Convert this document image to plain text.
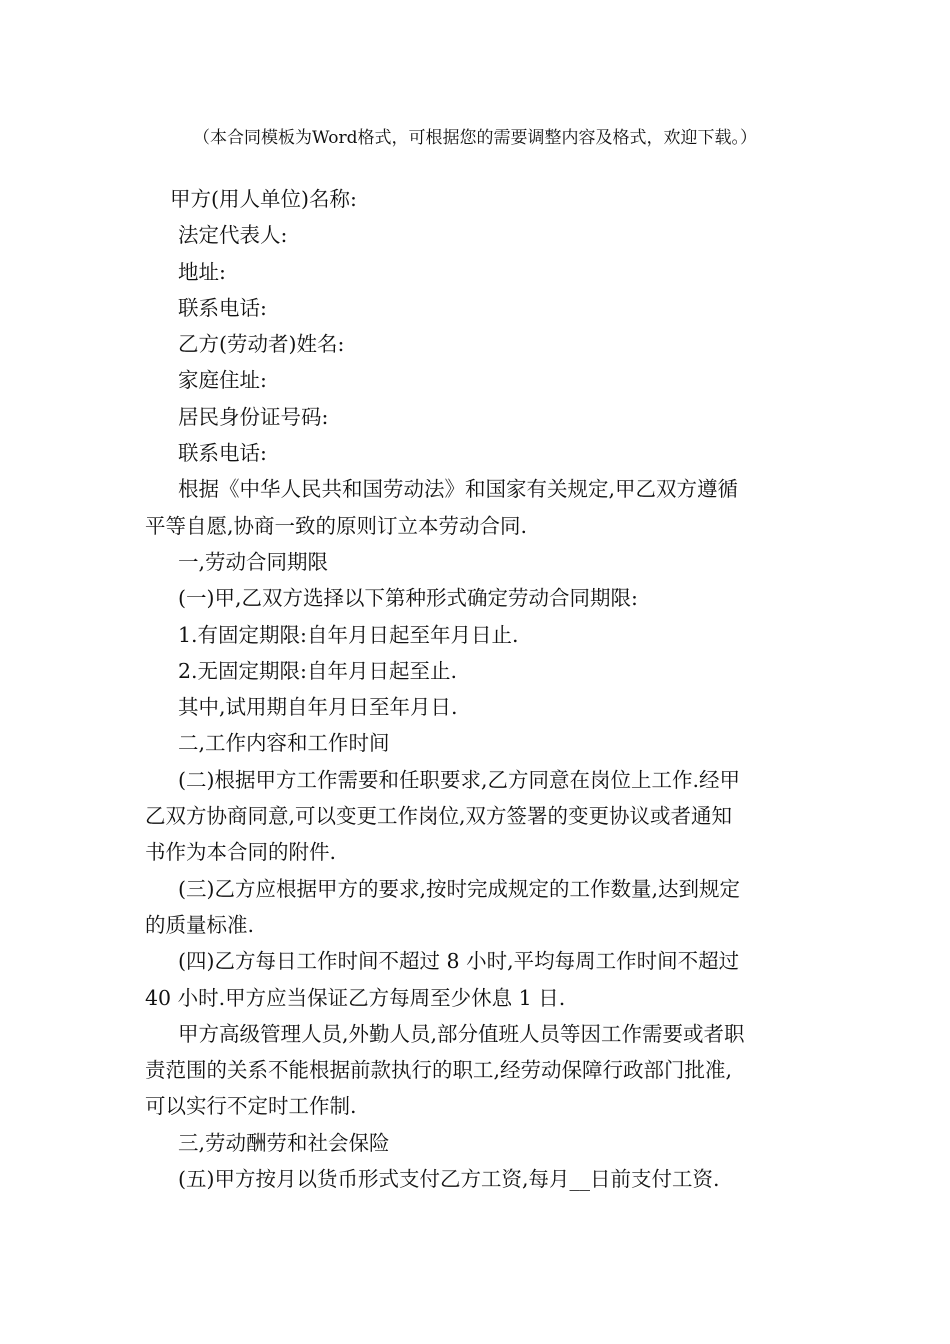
（本合同模板为Word格式，可根据您的需要调整内容及格式，欢迎下载。）
甲方(用人单位)名称:
法定代表人:
地址:
联系电话:
乙方(劳动者)姓名:
家庭住址:
居民身份证号码:
联系电话:
根据《中华人民共和国劳动法》和国家有关规定,甲乙双方遵循
平等自愿,协商一致的原则订立本劳动合同.
一,劳动合同期限
(一)甲,乙双方选择以下第种形式确定劳动合同期限:
1.有固定期限:自年月日起至年月日止.
2.无固定期限:自年月日起至止.
其中,试用期自年月日至年月日.
二,工作内容和工作时间
(二)根据甲方工作需要和任职要求,乙方同意在岗位上工作.经甲
乙双方协商同意,可以变更工作岗位,双方签署的变更协议或者通知
书作为本合同的附件.
(三)乙方应根据甲方的要求,按时完成规定的工作数量,达到规定
的质量标准.
(四)乙方每日工作时间不超过 8 小时,平均每周工作时间不超过
40 小时.甲方应当保证乙方每周至少休息 1 日.
甲方高级管理人员,外勤人员,部分值班人员等因工作需要或者职
责范围的关系不能根据前款执行的职工,经劳动保障行政部门批准,
可以实行不定时工作制.
三,劳动酬劳和社会保险
(五)甲方按月以货币形式支付乙方工资,每月__日前支付工资.
